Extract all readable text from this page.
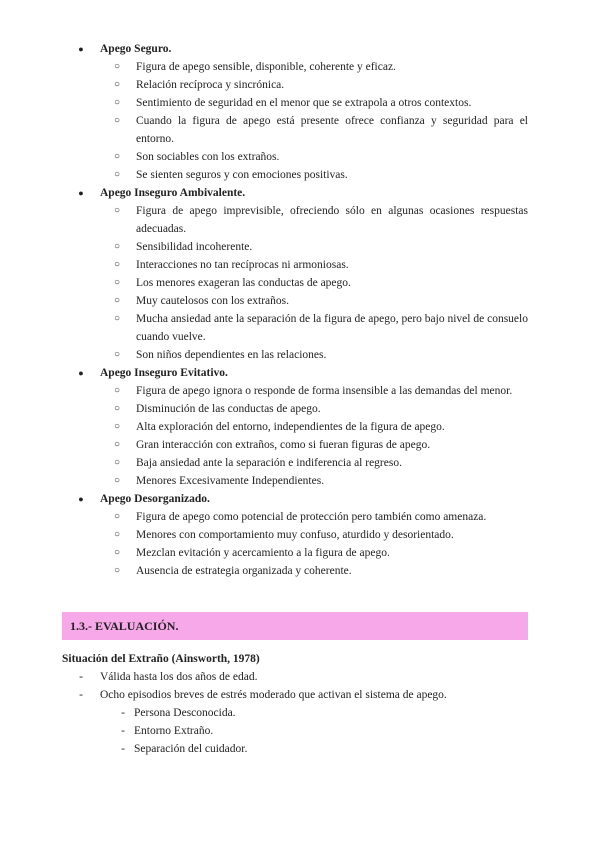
●	Apego Seguro.
○	Figura de apego sensible, disponible, coherente y eficaz.
○	Relación recíproca y sincrónica.
○	Sentimiento de seguridad en el menor que se extrapola a otros contextos.
○	Cuando la figura de apego está presente ofrece confianza y seguridad para el entorno.
○	Son sociables con los extraños.
○	Se sienten seguros y con emociones positivas.
●	Apego Inseguro Ambivalente.
○	Figura de apego imprevisible, ofreciendo sólo en algunas ocasiones respuestas adecuadas.
○	Sensibilidad incoherente.
○	Interacciones no tan recíprocas ni armoniosas.
○	Los menores exageran las conductas de apego.
○	Muy cautelosos con los extraños.
○	Mucha ansiedad ante la separación de la figura de apego, pero bajo nivel de consuelo cuando vuelve.
○	Son niños dependientes en las relaciones.
●	Apego Inseguro Evitativo.
○	Figura de apego ignora o responde de forma insensible a las demandas del menor.
○	Disminución de las conductas de apego.
○	Alta exploración del entorno, independientes de la figura de apego.
○	Gran interacción con extraños, como si fueran figuras de apego.
○	Baja ansiedad ante la separación e indiferencia al regreso.
○	Menores Excesivamente Independientes.
●	Apego Desorganizado.
○	Figura de apego como potencial de protección pero también como amenaza.
○	Menores con comportamiento muy confuso, aturdido y desorientado.
○	Mezclan evitación y acercamiento a la figura de apego.
○	Ausencia de estrategia organizada y coherente.
1.3.- EVALUACIÓN.
Situación del Extraño (Ainsworth, 1978)
-	Válida hasta los dos años de edad.
-	Ocho episodios breves de estrés moderado que activan el sistema de apego.
- Persona Desconocida.
- Entorno Extraño.
- Separación del cuidador.
